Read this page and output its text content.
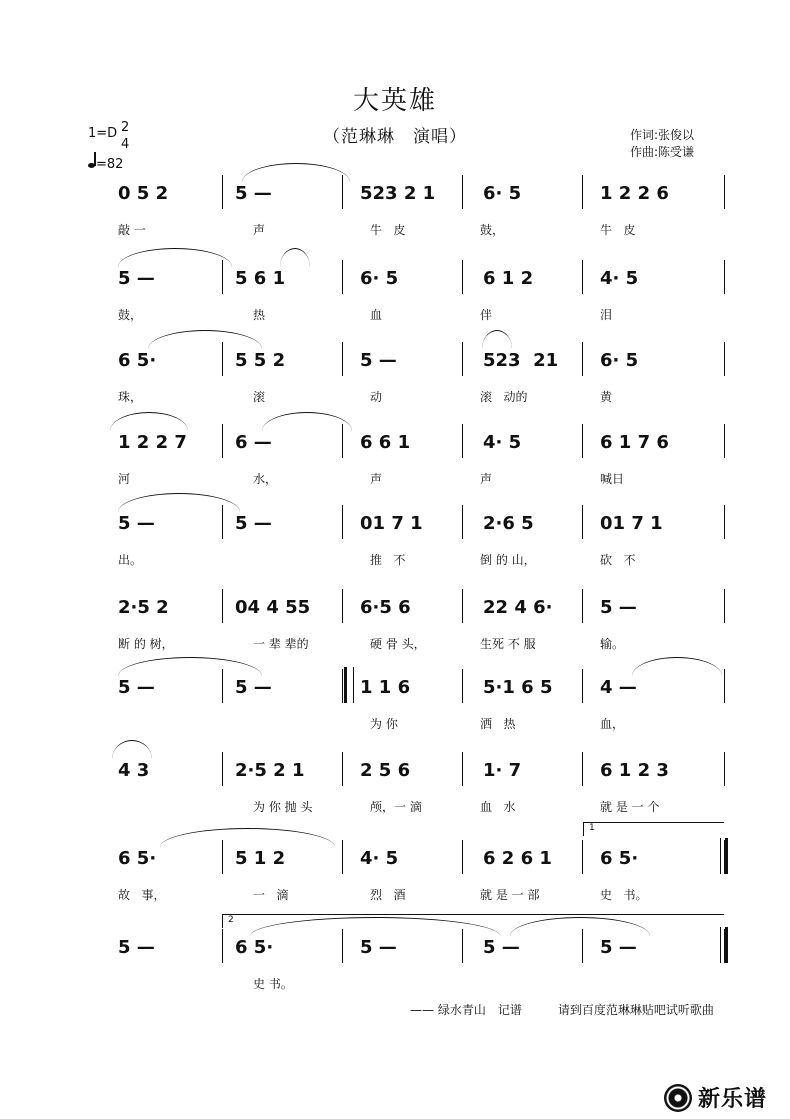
大英雄
（范琳琳　演唱）
1=D 2
4
=82
作词:张俊以
作曲:陈受谦
0 5 2
敲 一
5 —
声
523 2 1
牛   皮
6· 5
鼓，
1 2 2 6
牛   皮
5 —
鼓，
5 6 1
热
6· 5
血
6 1 2
伴
4· 5
泪
6 5·
珠，
5 5 2
滚
5 —
动
523  21
滚   动的
6· 5
黄
1 2 2 7
河
6 —
水，
6 6 1
声
4· 5
声
6 1 7 6
喊日
5 —
出。
5 —	01 7 1
推   不
2·6 5
倒 的 山，
01 7 1
砍   不
2·5 2
断 的 树，
04 4 55
一 辈 辈的
6·5 6
硬 骨 头，
22 4 6·
生死 不 服
5 —
输。
5 —	5 —	1 1 6
为 你
5·1 6 5
洒   热
4 —
血，
4 3	2·5 2 1
为 你 抛 头
2 5 6
颅，一 滴
1· 7
血   水
6 1 2 3
就 是 一 个
6 5·
故   事，
5 1 2
一   滴
4· 5
烈   酒
6 2 6 1
就 是 一 部
6 5·
史   书。
1
5 —	6 5·
史 书。
5 —	5 —	5 —
2
—— 绿水青山　记谱　　　	请到百度范琳琳贴吧试听歌曲
新乐谱
